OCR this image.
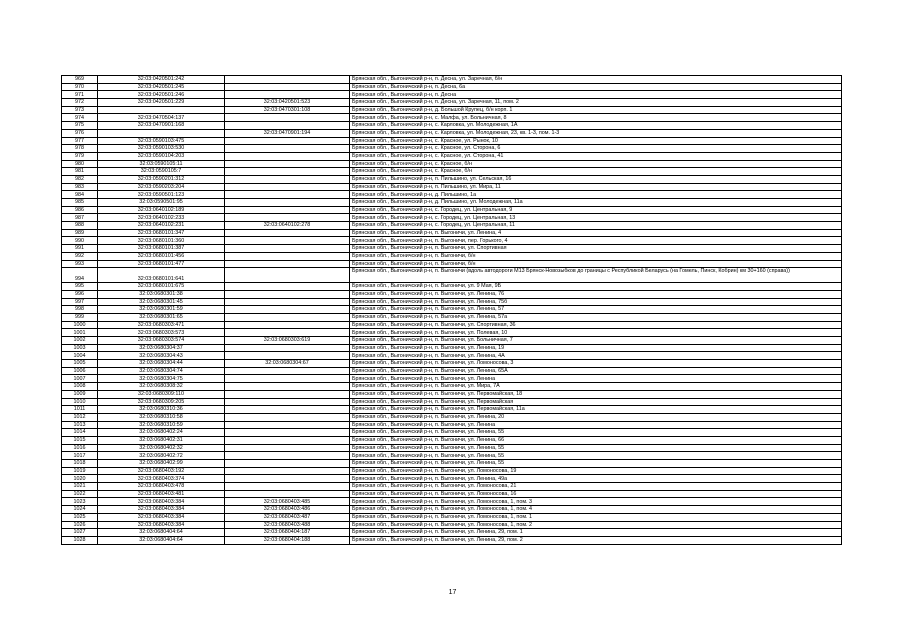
969	32:03:0420501:242		Брянская обл., Выгоничский р-н, п. Десна, ул. Заречная, б/н
970	32:03:0420501:245		Брянская обл., Выгоничский р-н, п. Десна, 6а
971	32:03:0420501:246		Брянская обл., Выгоничский р-н, п. Десна
972	32:03:0420501:229	32:03:0420501:523	Брянская обл., Выгоничский р-н, п. Десна, ул. Заречная, 11, пом. 2
973		32:03:0470301:108	Брянская обл., Выгоничский р-н, д. Большой Крупец, б/н корп. 1
974	32:03:0470504:137		Брянская обл., Выгоничский р-н, с. Малфа, ул. Больничная, 8
975	32:03:0470901:168		Брянская обл., Выгоничский р-н, с. Карловка, ул. Молодежная, 1А
976		32:03:0470901:194	Брянская обл., Выгоничский р-н, с. Карловка, ул. Молодежная, 23, кв. 1-3, пом. 1-3
977	32:03:0590103:475		Брянская обл., Выгоничский р-н, с. Красное, ул. Рынок, 10
978	32:03:0590103:530		Брянская обл., Выгоничский р-н, с. Красное, ул. Сторона, 6
979	32:03:0590104:203		Брянская обл., Выгоничский р-н, с. Красное, ул. Сторона, 41
980	32:03:0590105:11		Брянская обл., Выгоничский р-н, с. Красное, б/н
981	32:03:0590105:7		Брянская обл., Выгоничский р-н, с. Красное, б/н
982	32:03:0590201:312		Брянская обл., Выгоничский р-н, п. Пильшино, ул. Сельская, 16
983	32:03:0590203:204		Брянская обл., Выгоничский р-н, п. Пильшино, ул. Мира, 11
984	32:03:0590501:123		Брянская обл., Выгоничский р-н, д. Пильшино, 1а
985	32:03:0590501:95		Брянская обл., Выгоничский р-н, д. Пильшино, ул. Молодежная, 11а
986	32:03:0640102:189		Брянская обл., Выгоничский р-н, с. Городец, ул. Центральная, 9
987	32:03:0640102:233		Брянская обл., Выгоничский р-н, с. Городец, ул. Центральная, 13
988	32:03:0640102:231	32:03:0640102:278	Брянская обл., Выгоничский р-н, с. Городец, ул. Центральная, 11
989	32:03:0680101:347		Брянская обл., Выгоничский р-н, п. Выгоничи, ул. Ленина, 4
990	32:03:0680101:360		Брянская обл., Выгоничский р-н, п. Выгоничи, пер. Горького, 4
991	32:03:0680101:387		Брянская обл., Выгоничский р-н, п. Выгоничи, ул. Спортивная
992	32:03:0680101:456		Брянская обл., Выгоничский р-н, п. Выгоничи, б/н
993	32:03:0680101:477		Брянская обл., Выгоничский р-н, п. Выгоничи, б/н
994	32:03:0680101:641		Брянская обл., Выгоничский р-н, п. Выгоничи (вдоль автодороги М13 Брянск-Новозыбков до границы с Республикой Беларусь (на Гомель, Пинск, Кобрин) км 30+160 (справа))
995	32:03:0680101:675		Брянская обл., Выгоничский р-н, п. Выгоничи, ул. 9 Мая, 9Б
996	32:03:0680301:38		Брянская обл., Выгоничский р-н, п. Выгоничи, ул. Ленина, 76
997	32:03:0680301:45		Брянская обл., Выгоничский р-н, п. Выгоничи, ул. Ленина, 75б
998	32:03:0680301:59		Брянская обл., Выгоничский р-н, п. Выгоничи, ул. Ленина, 57
999	32:03:0680301:65		Брянская обл., Выгоничский р-н, п. Выгоничи, ул. Ленина, 57а
1000	32:03:0680303:471		Брянская обл., Выгоничский р-н, п. Выгоничи, ул. Спортивная, 36
1001	32:03:0680303:573		Брянская обл., Выгоничский р-н, п. Выгоничи, ул. Полевая, 10
1002	32:03:0680303:574	32:03:0680303:619	Брянская обл., Выгоничский р-н, п. Выгоничи, ул. Больничная, 7
1003	32:03:0680304:37		Брянская обл., Выгоничский р-н, п. Выгоничи, ул. Ленина, 19
1004	32:03:0680304:43		Брянская обл., Выгоничский р-н, п. Выгоничи, ул. Ленина, 4А
1005	32:03:0680304:44	32:03:0680304:67	Брянская обл., Выгоничский р-н, п. Выгоничи, ул. Ломоносова, 3
1006	32:03:0680304:74		Брянская обл., Выгоничский р-н, п. Выгоничи, ул. Ленина, 65А
1007	32:03:0680304:75		Брянская обл., Выгоничский р-н, п. Выгоничи, ул. Ленина
1008	32:03:0680308:32		Брянская обл., Выгоничский р-н, п. Выгоничи, ул. Мира, 7А
1009	32:03:0680309:110		Брянская обл., Выгоничский р-н, п. Выгоничи, ул. Первомайская, 18
1010	32:03:0680309:205		Брянская обл., Выгоничский р-н, п. Выгоничи, ул. Первомайская
1011	32:03:0680310:36		Брянская обл., Выгоничский р-н, п. Выгоничи, ул. Первомайская, 11а
1012	32:03:0680310:58		Брянская обл., Выгоничский р-н, п. Выгоничи, ул. Ленина, 20
1013	32:03:0680310:59		Брянская обл., Выгоничский р-н, п. Выгоничи, ул. Ленина
1014	32:03:0680402:24		Брянская обл., Выгоничский р-н, п. Выгоничи, ул. Ленина, 55
1015	32:03:0680402:31		Брянская обл., Выгоничский р-н, п. Выгоничи, ул. Ленина, 66
1016	32:03:0680402:32		Брянская обл., Выгоничский р-н, п. Выгоничи, ул. Ленина, 55
1017	32:03:0680402:72		Брянская обл., Выгоничский р-н, п. Выгоничи, ул. Ленина, 55
1018	32:03:0680402:99		Брянская обл., Выгоничский р-н, п. Выгоничи, ул. Ленина, 55
1019	32:03:0680403:192		Брянская обл., Выгоничский р-н, п. Выгоничи, ул. Ломоносова, 19
1020	32:03:0680403:374		Брянская обл., Выгоничский р-н, п. Выгоничи, ул. Ленина, 49а
1021	32:03:0680403:478		Брянская обл., Выгоничский р-н, п. Выгоничи, ул. Ломоносова, 21
1022	32:03:0680403:481		Брянская обл., Выгоничский р-н, п. Выгоничи, ул. Ломоносова, 16
1023	32:03:0680403:384	32:03:0680403:485	Брянская обл., Выгоничский р-н, п. Выгоничи, ул. Ломоносова, 1, пом. 3
1024	32:03:0680403:384	32:03:0680403:486	Брянская обл., Выгоничский р-н, п. Выгоничи, ул. Ломоносова, 1, пом. 4
1025	32:03:0680403:384	32:03:0680403:487	Брянская обл., Выгоничский р-н, п. Выгоничи, ул. Ломоносова, 1, пом. 1
1026	32:03:0680403:384	32:03:0680403:488	Брянская обл., Выгоничский р-н, п. Выгоничи, ул. Ломоносова, 1, пом. 2
1027	32:03:0680404:64	32:03:0680404:187	Брянская обл., Выгоничский р-н, п. Выгоничи, ул. Ленина, 29, пом. 1
1028	32:03:0680404:64	32:03:0680404:188	Брянская обл., Выгоничский р-н, п. Выгоничи, ул. Ленина, 29, пом. 2
17
